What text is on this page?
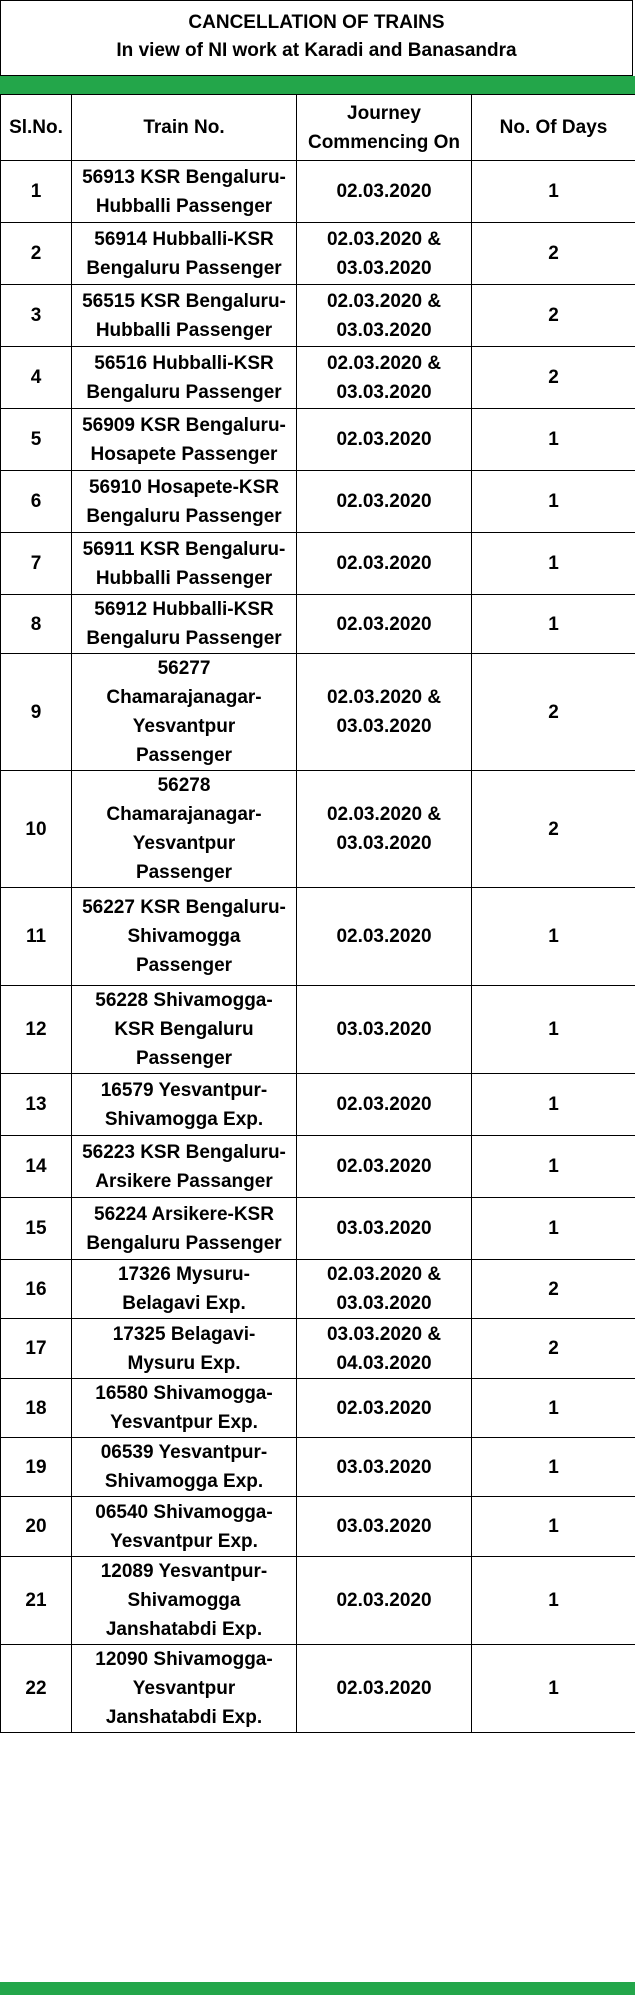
CANCELLATION OF TRAINS
In view of NI work at Karadi and Banasandra
Sl.No.	Train No.	Journey Commencing On	No. Of Days
1	56913 KSR Bengaluru-
Hubballi Passenger	02.03.2020	1
2	56914 Hubballi-KSR
Bengaluru Passenger	02.03.2020 &
03.03.2020	2
3	56515 KSR Bengaluru-
Hubballi Passenger	02.03.2020 &
03.03.2020	2
4	56516 Hubballi-KSR
Bengaluru Passenger	02.03.2020 &
03.03.2020	2
5	56909 KSR Bengaluru-
Hosapete Passenger	02.03.2020	1
6	56910 Hosapete-KSR
Bengaluru Passenger	02.03.2020	1
7	56911 KSR Bengaluru-
Hubballi Passenger	02.03.2020	1
8	56912 Hubballi-KSR
Bengaluru Passenger	02.03.2020	1
9	56277
Chamarajanagar-
Yesvantpur
Passenger	02.03.2020 &
03.03.2020	2
10	56278
Chamarajanagar-
Yesvantpur
Passenger	02.03.2020 &
03.03.2020	2
11	56227 KSR Bengaluru-
Shivamogga
Passenger	02.03.2020	1
12	56228 Shivamogga-
KSR Bengaluru
Passenger	03.03.2020	1
13	16579 Yesvantpur-
Shivamogga Exp.	02.03.2020	1
14	56223 KSR Bengaluru-
Arsikere Passanger	02.03.2020	1
15	56224 Arsikere-KSR
Bengaluru Passenger	03.03.2020	1
16	17326 Mysuru-
Belagavi Exp.	02.03.2020 &
03.03.2020	2
17	17325 Belagavi-
Mysuru Exp.	03.03.2020 &
04.03.2020	2
18	16580 Shivamogga-
Yesvantpur Exp.	02.03.2020	1
19	06539 Yesvantpur-
Shivamogga Exp.	03.03.2020	1
20	06540 Shivamogga-
Yesvantpur Exp.	03.03.2020	1
21	12089 Yesvantpur-
Shivamogga
Janshatabdi Exp.	02.03.2020	1
22	12090 Shivamogga-
Yesvantpur
Janshatabdi Exp.	02.03.2020	1
